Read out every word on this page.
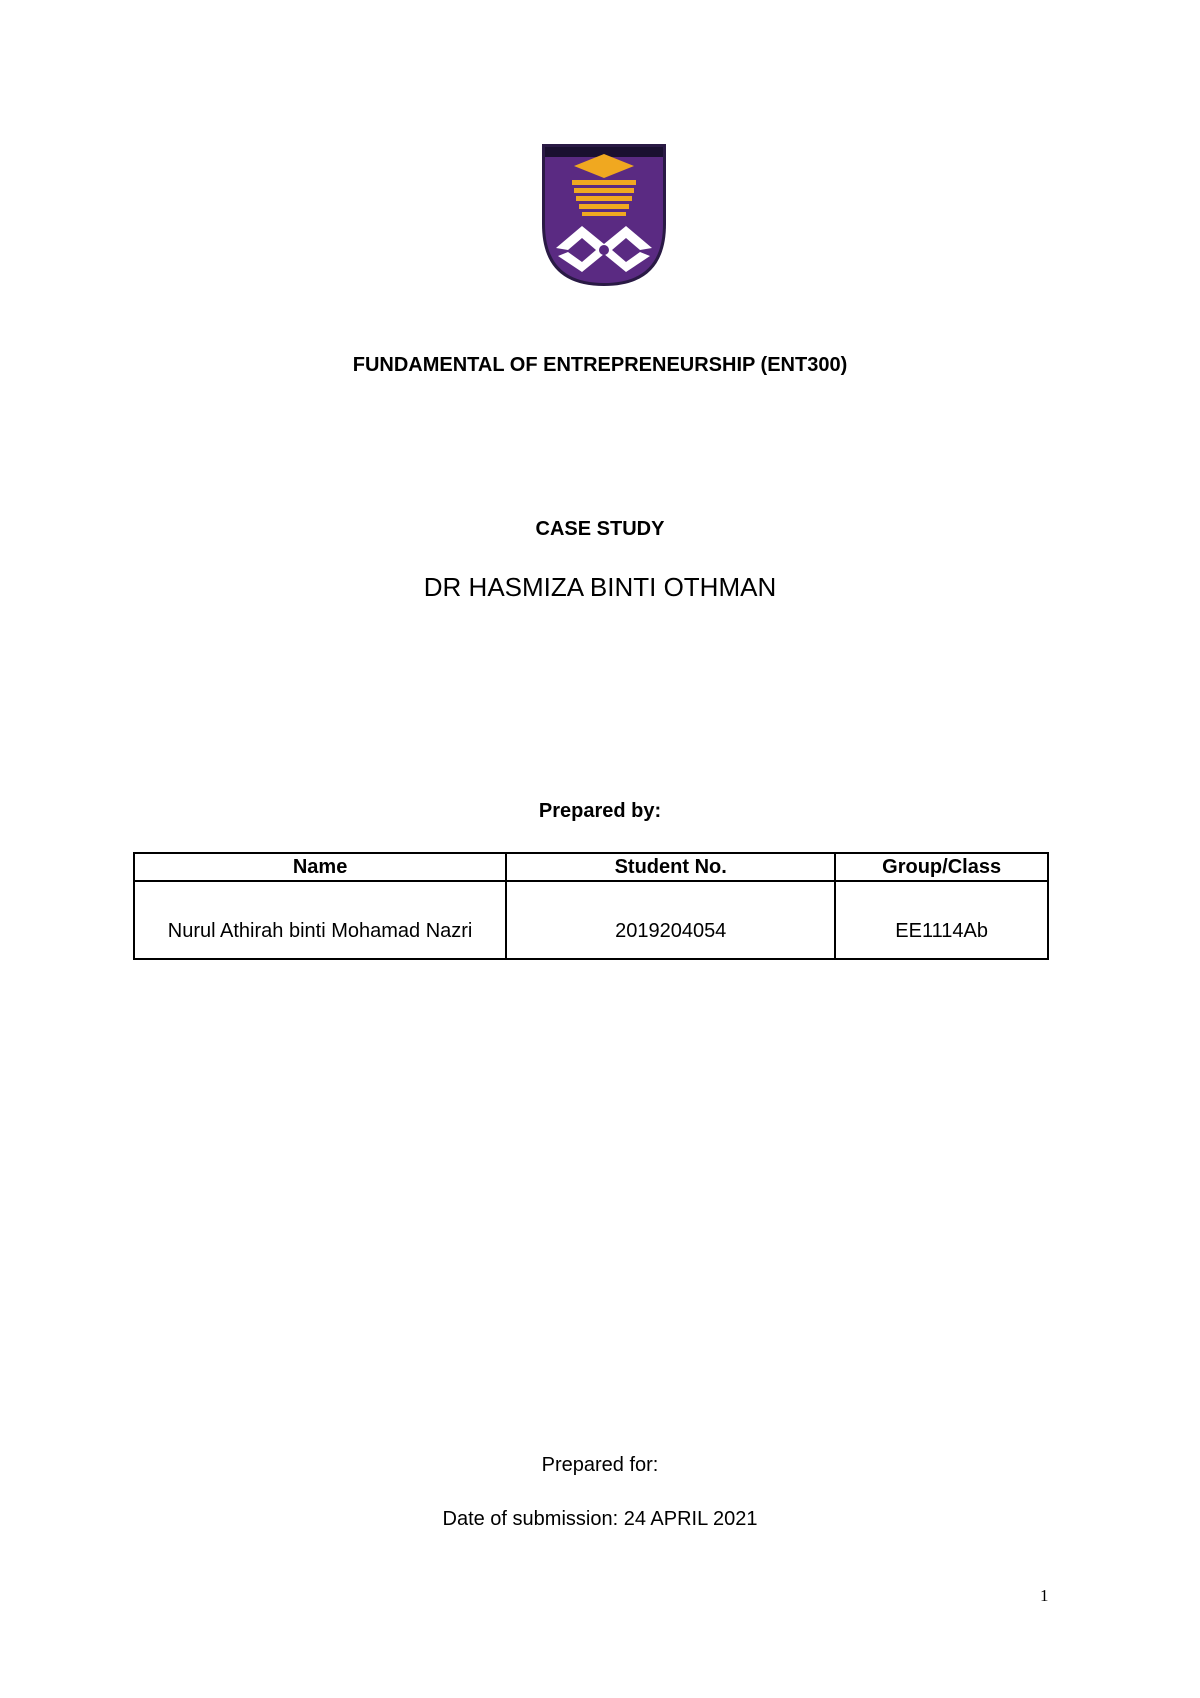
FUNDAMENTAL OF ENTREPRENEURSHIP (ENT300)
CASE STUDY
DR HASMIZA BINTI OTHMAN
Prepared by:
Name	Student No.	Group/Class
Nurul Athirah binti Mohamad Nazri	2019204054	EE1114Ab
Prepared for:
Date of submission: 24 APRIL 2021
1
